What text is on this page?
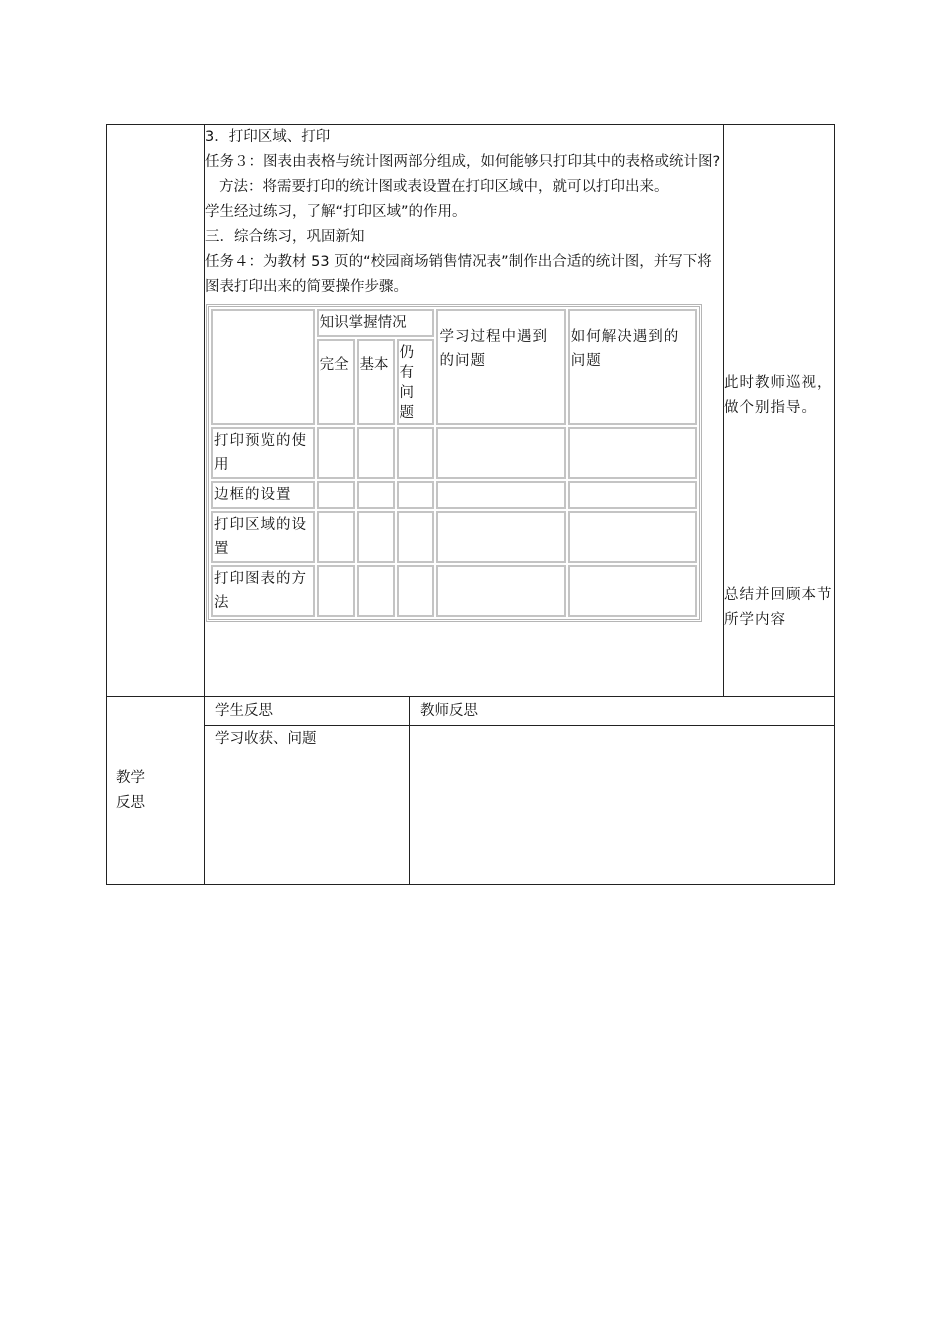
3．打印区域、打印
任务３：图表由表格与统计图两部分组成，如何能够只打印其中的表格或统计图?
方法：将需要打印的统计图或表设置在打印区域中，就可以打印出来。
学生经过练习，了解“打印区域”的作用。
三．综合练习，巩固新知
任务４：为教材 53 页的“校园商场销售情况表”制作出合适的统计图，并写下将图表打印出来的简要操作步骤。
	知识掌握情况	学习过程中遇到的问题	如何解决遇到的问题
完全	基本	仍有问题
打印预览的使用					
边框的设置					
打印区域的设置					
打印图表的方法					

此时教师巡视，做个别指导。
总结并回顾本节所学内容

教学反思
	学生反思	教师反思
学习收获、问题	
